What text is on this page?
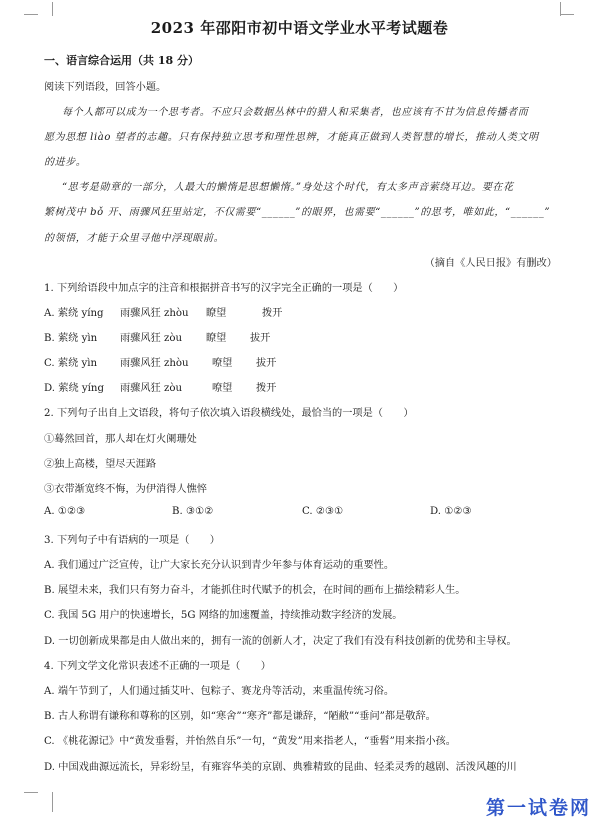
2023 年邵阳市初中语文学业水平考试题卷
一、语言综合运用（共 18 分）
阅读下列语段，回答小题。
每个人都可以成为一个思考者。不应只会数据丛林中的猎人和采集者，也应该有不甘为信息传播者而
愿为思想 liào 望者的志趣。只有保持独立思考和理性思辨，才能真正做到人类智慧的增长，推动人类文明
的进步。
“思考是勋章的一部分，人最大的懒惰是思想懒惰。”身处这个时代，有太多声音萦绕耳边。要在花
繁树茂中 bǒ 开、雨骤风狂里站定，不仅需要“______”的眼界，也需要“______”的思考，唯如此，“______”
的领悟，才能于众里寻他中浮现眼前。
（摘自《人民日报》有删改）
1. 下列给语段中加点字的注音和根据拼音书写的汉字完全正确的一项是（　　）
A. 萦绕 yíng 雨骤风狂 zhòu 瞭望	拨开
B. 萦绕 yìn 雨骤风狂 zòu 瞭望 拔开
C. 萦绕 yìn 雨骤风狂 zhòu 嘹望 拔开
D. 萦绕 yíng 雨骤风狂 zòu	嘹望 拨开
2. 下列句子出自上文语段，将句子依次填入语段横线处，最恰当的一项是（　　）
①蓦然回首，那人却在灯火阑珊处
②独上高楼，望尽天涯路
③衣带渐宽终不悔，为伊消得人憔悴
A. ①②③	B. ③①②	C. ②③①	D. ①②③
3. 下列句子中有语病的一项是（　　）
A. 我们通过广泛宣传，让广大家长充分认识到青少年参与体育运动的重要性。
B. 展望未来，我们只有努力奋斗，才能抓住时代赋予的机会，在时间的画布上描绘精彩人生。
C. 我国 5G 用户的快速增长，5G 网络的加速覆盖，持续推动数字经济的发展。
D. 一切创新成果都是由人做出来的，拥有一流的创新人才，决定了我们有没有科技创新的优势和主导权。
4. 下列文学文化常识表述不正确的一项是（　　）
A. 端午节到了，人们通过插艾叶、包粽子、赛龙舟等活动，来重温传统习俗。
B. 古人称谓有谦称和尊称的区别，如“寒舍”“寒齐”都是谦辞，“陋敝”“垂问”都是敬辞。
C. 《桃花源记》中“黄发垂髫，并怡然自乐”一句，“黄发”用来指老人，“垂髫”用来指小孩。
D. 中国戏曲源远流长，异彩纷呈，有雍容华美的京剧、典雅精致的昆曲、轻柔灵秀的越剧、活泼风趣的川
第一试卷网
